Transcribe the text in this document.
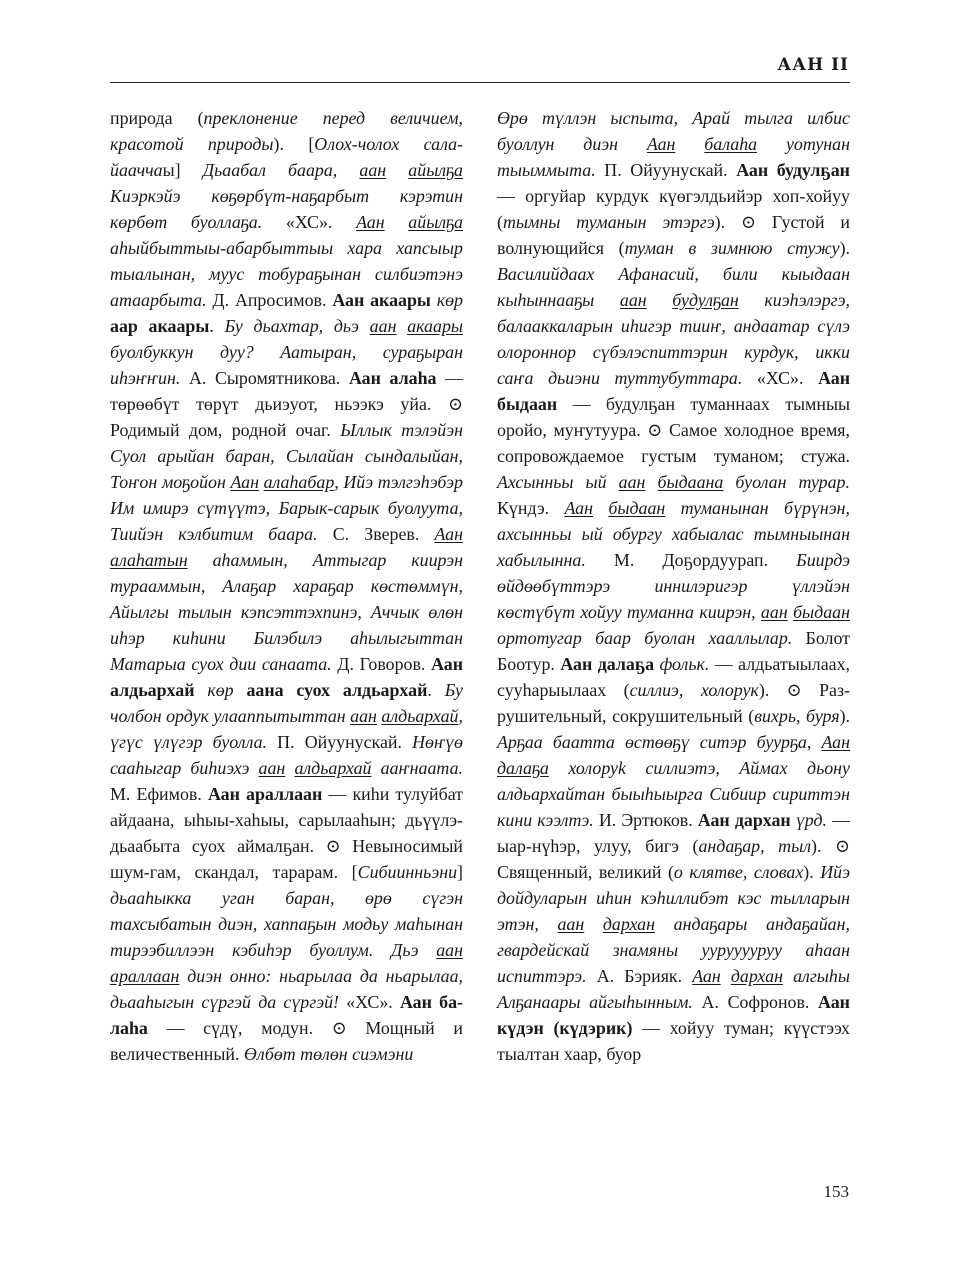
ААН II

природа (преклонение перед величием, красотой природы). [Олох-чолох салайааччаы] Дьаабал баара, аан айылҕа Киэркэйэ көҕөрбүт-наҕарбыт кэрэтин көрбөт буоллаҕа. «ХС». Аан айылҕа аһыйбыттыы-абарбыттыы хара хапсыыр тыалынан, муус тобураҕынан силбиэтэнэ атаарбыта. Д. Апросимов. Аан акаары көр аар акаары. Бу дьахтар, дьэ аан акаары буолбуккун дуу? Аатыран, сураҕыран иһэҥҥин. А. Сыромятникова. Аан алаһа — төрөөбүт төрүт дьиэуот, ньээкэ уйа. ⊙ Родимый дом, родной очаг. Ыллык тэлэйэн Суол арыйан баран, Сылайан сындалыйан, Тоҥон моҕойон Аан алаһабар, Ийэ тэлгэһэбэр Им имирэ сүтүүтэ, Барык-сарык буолуута, Тиийэн кэлбитим баара. С. Зверев. Аан алаһатын аһаммын, Аттыгар киирэн турааммын, Алаҕар хараҕар көстөммүн, Айылгы тылын кэпсэттэхпинэ, Аччык өлөн иһэр киһини Билэбилэ аһылыгыттан Матарыа суох дии санаата. Д. Говоров. Аан алдьархай көр аана суох алдьархай. Бу чолбон ордук улааппытыттан аан алдьархай, үгүс үлүгэр буолла. П. Ойуунускай. Нөҥүө сааһыгар биһиэхэ аан алдьархай ааҥнаата. М. Ефимов. Аан араллаан — киһи тулуйбат айдаана, ыһыы-хаһыы, сарылааһын; дьүүлэ-дьаабыта суох аймалҕан. ⊙ Невыносимый шум-гам, скандал, тарарам. [Сибиинньэни] дьааһыкка угaн баран, өрө сүгэн тахсыбатын диэн, хаппаҕын модьу маһынан тирээбиллээн кэбиһэр буоллум. Дьэ аан араллаан диэн онно: ньарылаа да ньарылаа, дьааһыгын сүргэй да сүргэй! «ХС». Аан балаһа — сүдү, модун. ⊙ Мощный и величественный. Өлбөт төлөн сиэмэни

Өрө түллэн ыспыта, Арай тылга илбис буоллун диэн Аан балаһа уотунан тыыммыта. П. Ойуунускай. Аан будулҕан — оргуйар курдук күөгэлдьийэр хоп-хойуу (тымны туманын этэргэ). ⊙ Густой и волнующийся (туман в зимнюю стужу). Василийдаах Афанасий, били кыыдаан кыһыннааҕы аан будулҕан киэһэлэргэ, балааккаларын иһигэр тииҥ, андаатар сүлэ олороннор сүбэлэспиттэрин курдук, икки саҥа дьиэни туттубуттара. «ХС». Аан быдаан — будулҕан туманнаах тымныы оройо, муҥутуура. ⊙ Самое холодное время, сопровождаемое густым туманом; стужа. Ахсынньы ый аан быдаана буолан турар. Күндэ. Аан быдаан туманынан бүрүнэн, ахсынньы ый обургу хабыалас тымныынан хабылынна. М. Доҕордуурап. Биирдэ өйдөөбүттэрэ иннилэригэр үллэйэн көстүбүт хойуу туманна киирэн, аан быдаан ортотугар баар буолан хааллылар. Болот Боотур. Аан далаҕа фольк. — алдьатыылаах, сууһарыылаах (силлиэ, холорук). ⊙ Разрушительный, сокрушительный (вихрь, буря). Арҕаа баатта өстөөҕү ситэр буурҕа, Аан далаҕа холоруk силлиэтэ, Аймах дьону алдьархайтан быыһыырга Сибиир сириттэн кини кээлтэ. И. Эртюков. Аан дархан үрд. — ыар-нүһэр, улуу, бигэ (андаҕар, тыл). ⊙ Священный, великий (о клятве, словах). Ийэ дойдуларын иһин кэһиллибэт кэс тылларын этэн, аан дархан андаҕары андаҕайан, гвардейскай знамяны уурууууруу аһаан испиттэрэ. А. Бэрияк. Аан дархан алгыһы Алҕанаары айгыһынным. А. Софронов. Аан күдэн (күдэрик) — хойуу туман; күүстээх тыалтан хаар, буор

153
